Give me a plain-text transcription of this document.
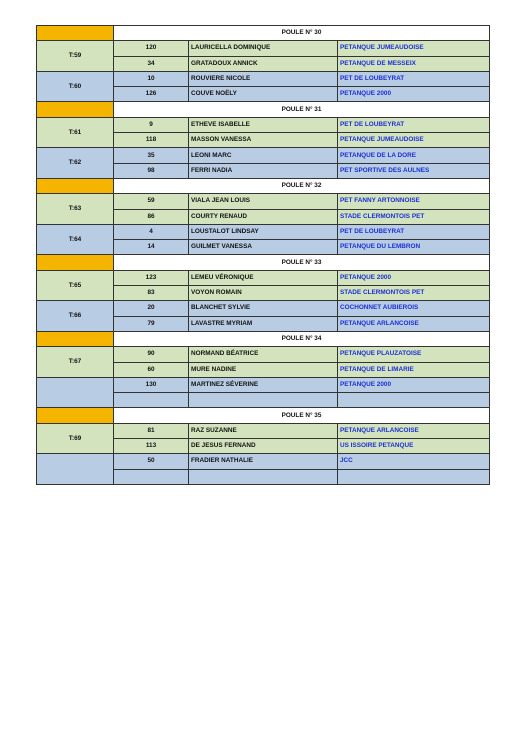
	POULE N° 30		
T:59	120	LAURICELLA DOMINIQUE	PETANQUE JUMEAUDOISE
	34	GRATADOUX ANNICK	PETANQUE DE MESSEIX
T:60	10	ROUVIERE NICOLE	PET DE LOUBEYRAT
	126	COUVE NOËLY	PETANQUE 2000
	POULE N° 31		
T:61	9	ETHEVE ISABELLE	PET DE LOUBEYRAT
	118	MASSON VANESSA	PETANQUE JUMEAUDOISE
T:62	35	LEONI MARC	PETANQUE DE LA DORE
	98	FERRI NADIA	PET SPORTIVE DES AULNES
	POULE N° 32		
T:63	59	VIALA JEAN LOUIS	PET FANNY ARTONNOISE
	86	COURTY RENAUD	STADE CLERMONTOIS PET
T:64	4	LOUSTALOT LINDSAY	PET DE LOUBEYRAT
	14	GUILMET VANESSA	PETANQUE DU LEMBRON
	POULE N° 33		
T:65	123	LEMEU VÉRONIQUE	PETANQUE 2000
	83	VOYON ROMAIN	STADE CLERMONTOIS PET
T:66	20	BLANCHET SYLVIE	COCHONNET AUBIEROIS
	79	LAVASTRE MYRIAM	PETANQUE ARLANCOISE
	POULE N° 34		
T:67	90	NORMAND BÉATRICE	PETANQUE PLAUZATOISE
	60	MURE NADINE	PETANQUE DE LIMARIE
	130	MARTINEZ SÉVERINE	PETANQUE 2000

	POULE N° 35		
T:69	81	RAZ SUZANNE	PETANQUE ARLANCOISE
	113	DE JESUS FERNAND	US ISSOIRE PETANQUE
	50	FRADIER NATHALIE	JCC
